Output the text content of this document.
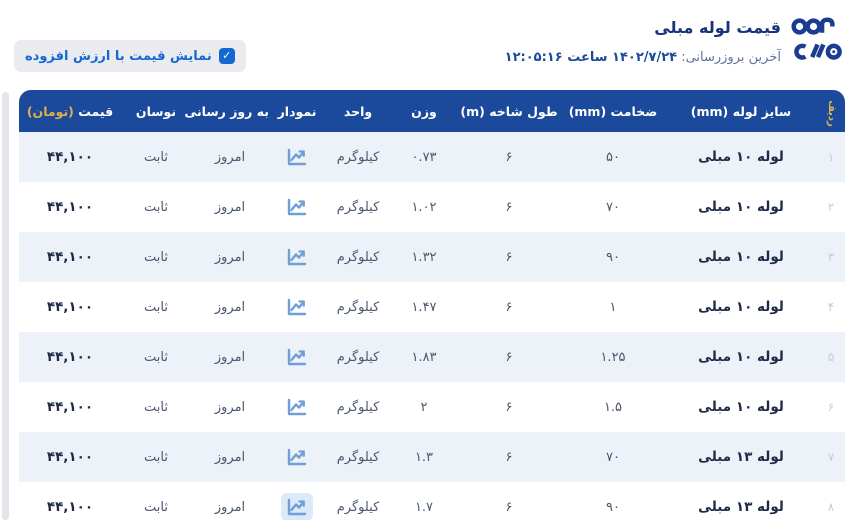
قیمت لوله مبلی
آخرین بروزرسانی: ۱۴۰۲/۷/۲۴ ساعت ۱۲:۰۵:۱۶
✓
نمایش قیمت با ارزش افزوده
ردیف	سایز لوله (mm)	ضخامت (mm)	طول شاخه (m)	وزن	واحد	نمودار	به روز رسانی	نوسان	قیمت (تومان)
۱	لوله ۱۰ مبلی	۵۰	۶	۰.۷۳	کیلوگرم		امروز	ثابت	۴۴,۱۰۰
۲	لوله ۱۰ مبلی	۷۰	۶	۱.۰۲	کیلوگرم		امروز	ثابت	۴۴,۱۰۰
۳	لوله ۱۰ مبلی	۹۰	۶	۱.۳۲	کیلوگرم		امروز	ثابت	۴۴,۱۰۰
۴	لوله ۱۰ مبلی	۱	۶	۱.۴۷	کیلوگرم		امروز	ثابت	۴۴,۱۰۰
۵	لوله ۱۰ مبلی	۱.۲۵	۶	۱.۸۳	کیلوگرم		امروز	ثابت	۴۴,۱۰۰
۶	لوله ۱۰ مبلی	۱.۵	۶	۲	کیلوگرم		امروز	ثابت	۴۴,۱۰۰
۷	لوله ۱۳ مبلی	۷۰	۶	۱.۳	کیلوگرم		امروز	ثابت	۴۴,۱۰۰
۸	لوله ۱۳ مبلی	۹۰	۶	۱.۷	کیلوگرم		امروز	ثابت	۴۴,۱۰۰
